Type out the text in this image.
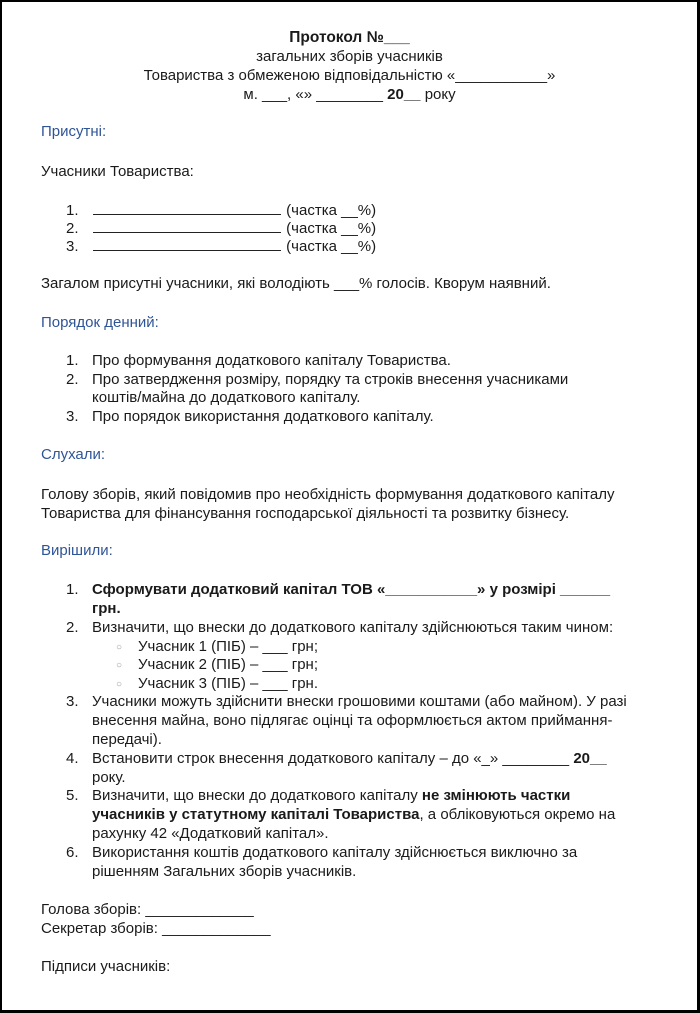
Протокол №___
загальних зборів учасників
Товариства з обмеженою відповідальністю «___________»
м. ___, «» ________ 20__ року
Присутні:
Учасники Товариства:
1.	(частка __%)
2.	(частка __%)
3.	(частка __%)
Загалом присутні учасники, які володіють ___% голосів. Кворум наявний.
Порядок денний:
1. Про формування додаткового капіталу Товариства.
2. Про затвердження розміру, порядку та строків внесення учасниками
коштів/майна до додаткового капіталу.
3. Про порядок використання додаткового капіталу.
Слухали:
Голову зборів, який повідомив про необхідність формування додаткового капіталу
Товариства для фінансування господарської діяльності та розвитку бізнесу.
Вирішили:
1. Сформувати додатковий капітал ТОВ «___________» у розмірі ______
грн.
2. Визначити, що внески до додаткового капіталу здійснюються таким чином:
○ Учасник 1 (ПІБ) – ___ грн;
○ Учасник 2 (ПІБ) – ___ грн;
○ Учасник 3 (ПІБ) – ___ грн.
3. Учасники можуть здійснити внески грошовими коштами (або майном). У разі
внесення майна, воно підлягає оцінці та оформлюється актом приймання-
передачі).
4. Встановити строк внесення додаткового капіталу – до «_» ________ 20__
року.
5. Визначити, що внески до додаткового капіталу не змінюють частки
учасників у статутному капіталі Товариства, а обліковуються окремо на
рахунку 42 «Додатковий капітал».
6. Використання коштів додаткового капіталу здійснюється виключно за
рішенням Загальних зборів учасників.
Голова зборів: _____________
Секретар зборів: _____________
Підписи учасників:
